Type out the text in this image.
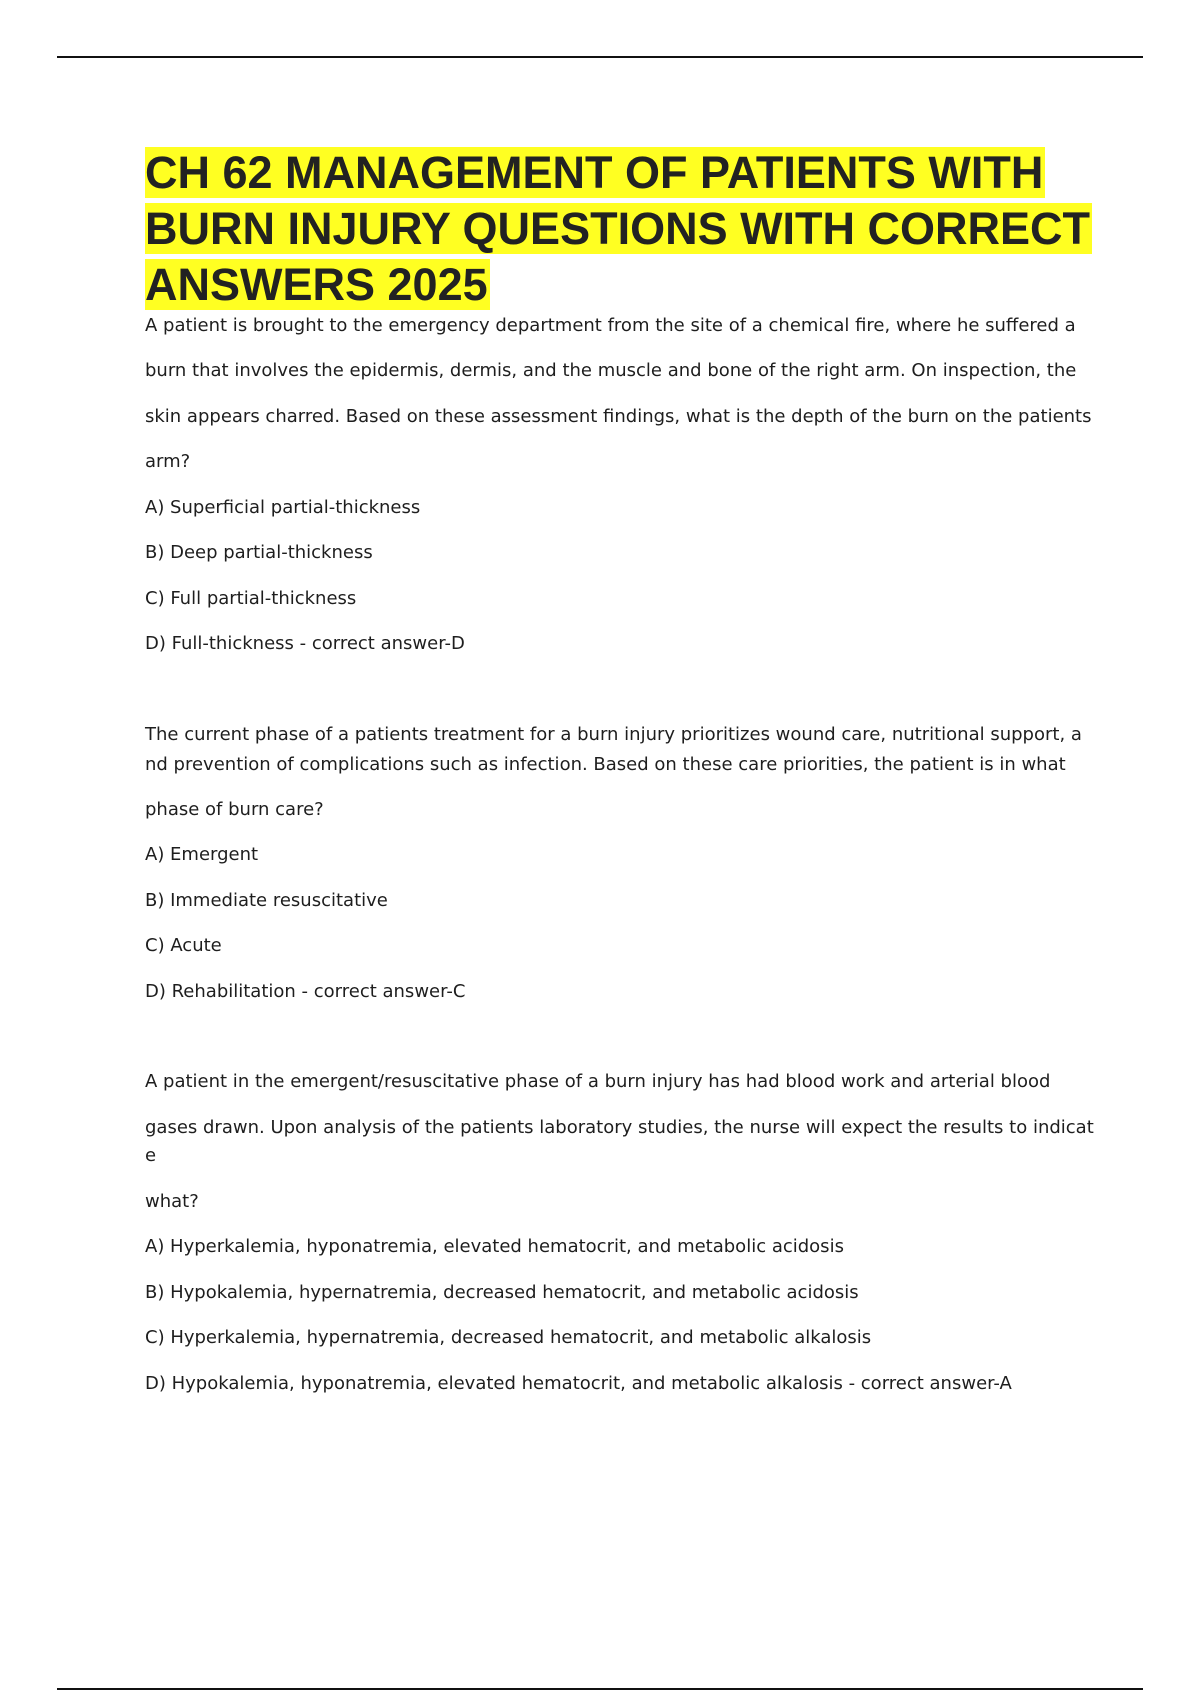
CH 62 MANAGEMENT OF PATIENTS WITH BURN INJURY QUESTIONS WITH CORRECT ANSWERS 2025

A patient is brought to the emergency department from the site of a chemical fire, where he suffered a

burn that involves the epidermis, dermis, and the muscle and bone of the right arm. On inspection, the

skin appears charred. Based on these assessment findings, what is the depth of the burn on the patients

arm?

A) Superficial partial-thickness

B) Deep partial-thickness

C) Full partial-thickness

D) Full-thickness - correct answer-D

The current phase of a patients treatment for a burn injury prioritizes wound care, nutritional support, a

nd prevention of complications such as infection. Based on these care priorities, the patient is in what

phase of burn care?

A) Emergent

B) Immediate resuscitative

C) Acute

D) Rehabilitation - correct answer-C

A patient in the emergent/resuscitative phase of a burn injury has had blood work and arterial blood

gases drawn. Upon analysis of the patients laboratory studies, the nurse will expect the results to indicat

e

what?

A) Hyperkalemia, hyponatremia, elevated hematocrit, and metabolic acidosis

B) Hypokalemia, hypernatremia, decreased hematocrit, and metabolic acidosis

C) Hyperkalemia, hypernatremia, decreased hematocrit, and metabolic alkalosis

D) Hypokalemia, hyponatremia, elevated hematocrit, and metabolic alkalosis - correct answer-A
